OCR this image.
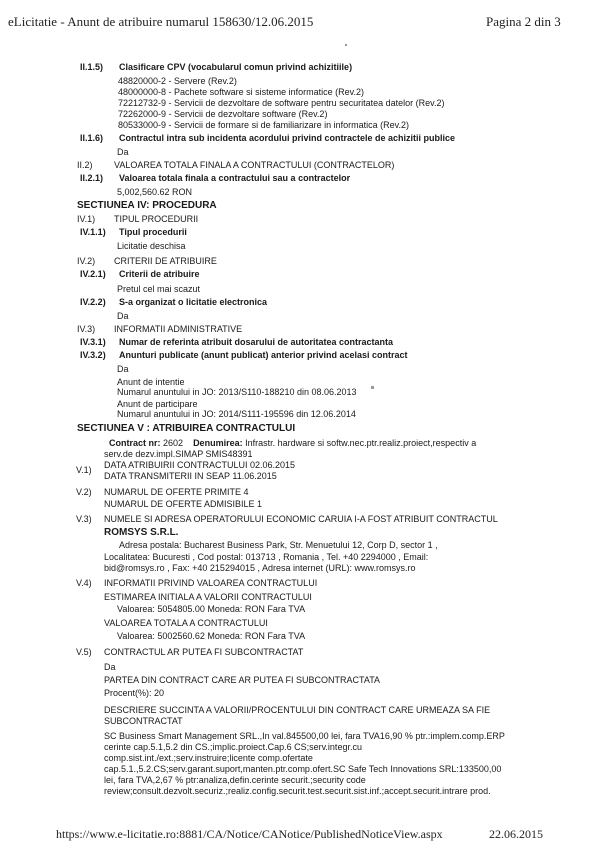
eLicitatie - Anunt de atribuire numarul 158630/12.06.2015	Pagina 2 din 3
II.1.5) Clasificare CPV (vocabularul comun privind achizitiile)
48820000-2 - Servere (Rev.2)
48000000-8 - Pachete software si sisteme informatice (Rev.2)
72212732-9 - Servicii de dezvoltare de software pentru securitatea datelor (Rev.2)
72262000-9 - Servicii de dezvoltare software (Rev.2)
80533000-9 - Servicii de formare si de familiarizare in informatica (Rev.2)
II.1.6) Contractul intra sub incidenta acordului privind contractele de achizitii publice
Da
II.2) VALOAREA TOTALA FINALA A CONTRACTULUI (CONTRACTELOR)
II.2.1) Valoarea totala finala a contractului sau a contractelor
5,002,560.62 RON
SECTIUNEA IV: PROCEDURA
IV.1) TIPUL PROCEDURII
IV.1.1) Tipul procedurii
Licitatie deschisa
IV.2) CRITERII DE ATRIBUIRE
IV.2.1) Criterii de atribuire
Pretul cel mai scazut
IV.2.2) S-a organizat o licitatie electronica
Da
IV.3) INFORMATII ADMINISTRATIVE
IV.3.1) Numar de referinta atribuit dosarului de autoritatea contractanta
IV.3.2) Anunturi publicate (anunt publicat) anterior privind acelasi contract
Da
Anunt de intentie
Numarul anuntului in JO: 2013/S110-188210 din 08.06.2013
Anunt de participare
Numarul anuntului in JO: 2014/S111-195596 din 12.06.2014
SECTIUNEA V : ATRIBUIREA CONTRACTULUI
Contract nr: 2602 Denumirea: Infrastr. hardware si softw.nec.ptr.realiz.proiect,respectiv a
serv.de dezv.impl.SIMAP SMIS48391
V.1) DATA ATRIBUIRII CONTRACTULUI 02.06.2015
DATA TRANSMITERII IN SEAP 11.06.2015
V.2) NUMARUL DE OFERTE PRIMITE 4
NUMARUL DE OFERTE ADMISIBILE 1
V.3) NUMELE SI ADRESA OPERATORULUI ECONOMIC CARUIA I-A FOST ATRIBUIT CONTRACTUL
ROMSYS S.R.L.
Adresa postala: Bucharest Business Park, Str. Menuetului 12, Corp D, sector 1 ,
Localitatea: Bucuresti , Cod postal: 013713 , Romania , Tel. +40 2294000 , Email:
bid@romsys.ro , Fax: +40 215294015 , Adresa internet (URL): www.romsys.ro
V.4) INFORMATII PRIVIND VALOAREA CONTRACTULUI
ESTIMAREA INITIALA A VALORII CONTRACTULUI
Valoarea: 5054805.00 Moneda: RON Fara TVA
VALOAREA TOTALA A CONTRACTULUI
Valoarea: 5002560.62 Moneda: RON Fara TVA
V.5) CONTRACTUL AR PUTEA FI SUBCONTRACTAT
Da
PARTEA DIN CONTRACT CARE AR PUTEA FI SUBCONTRACTATA
Procent(%): 20
DESCRIERE SUCCINTA A VALORII/PROCENTULUI DIN CONTRACT CARE URMEAZA SA FIE
SUBCONTRACTAT
SC Business Smart Management SRL.,In val.845500,00 lei, fara TVA16,90 % ptr.:implem.comp.ERP
cerinte cap.5.1,5.2 din CS.;implic.proiect.Cap.6 CS;serv.integr.cu
comp.sist.int./ext.;serv.instruire;licente comp.ofertate
cap.5.1.,5.2.CS;serv.garant.suport,manten.ptr.comp.ofert.SC Safe Tech Innovations SRL:133500,00
lei, fara TVA,2,67 % ptr:analiza,defin.cerinte securit.;security code
review;consult.dezvolt.securiz.;realiz.config.securit.test.securit.sist.inf.;accept.securit.intrare prod.
https://www.e-licitatie.ro:8881/CA/Notice/CANotice/PublishedNoticeView.aspx	22.06.2015
